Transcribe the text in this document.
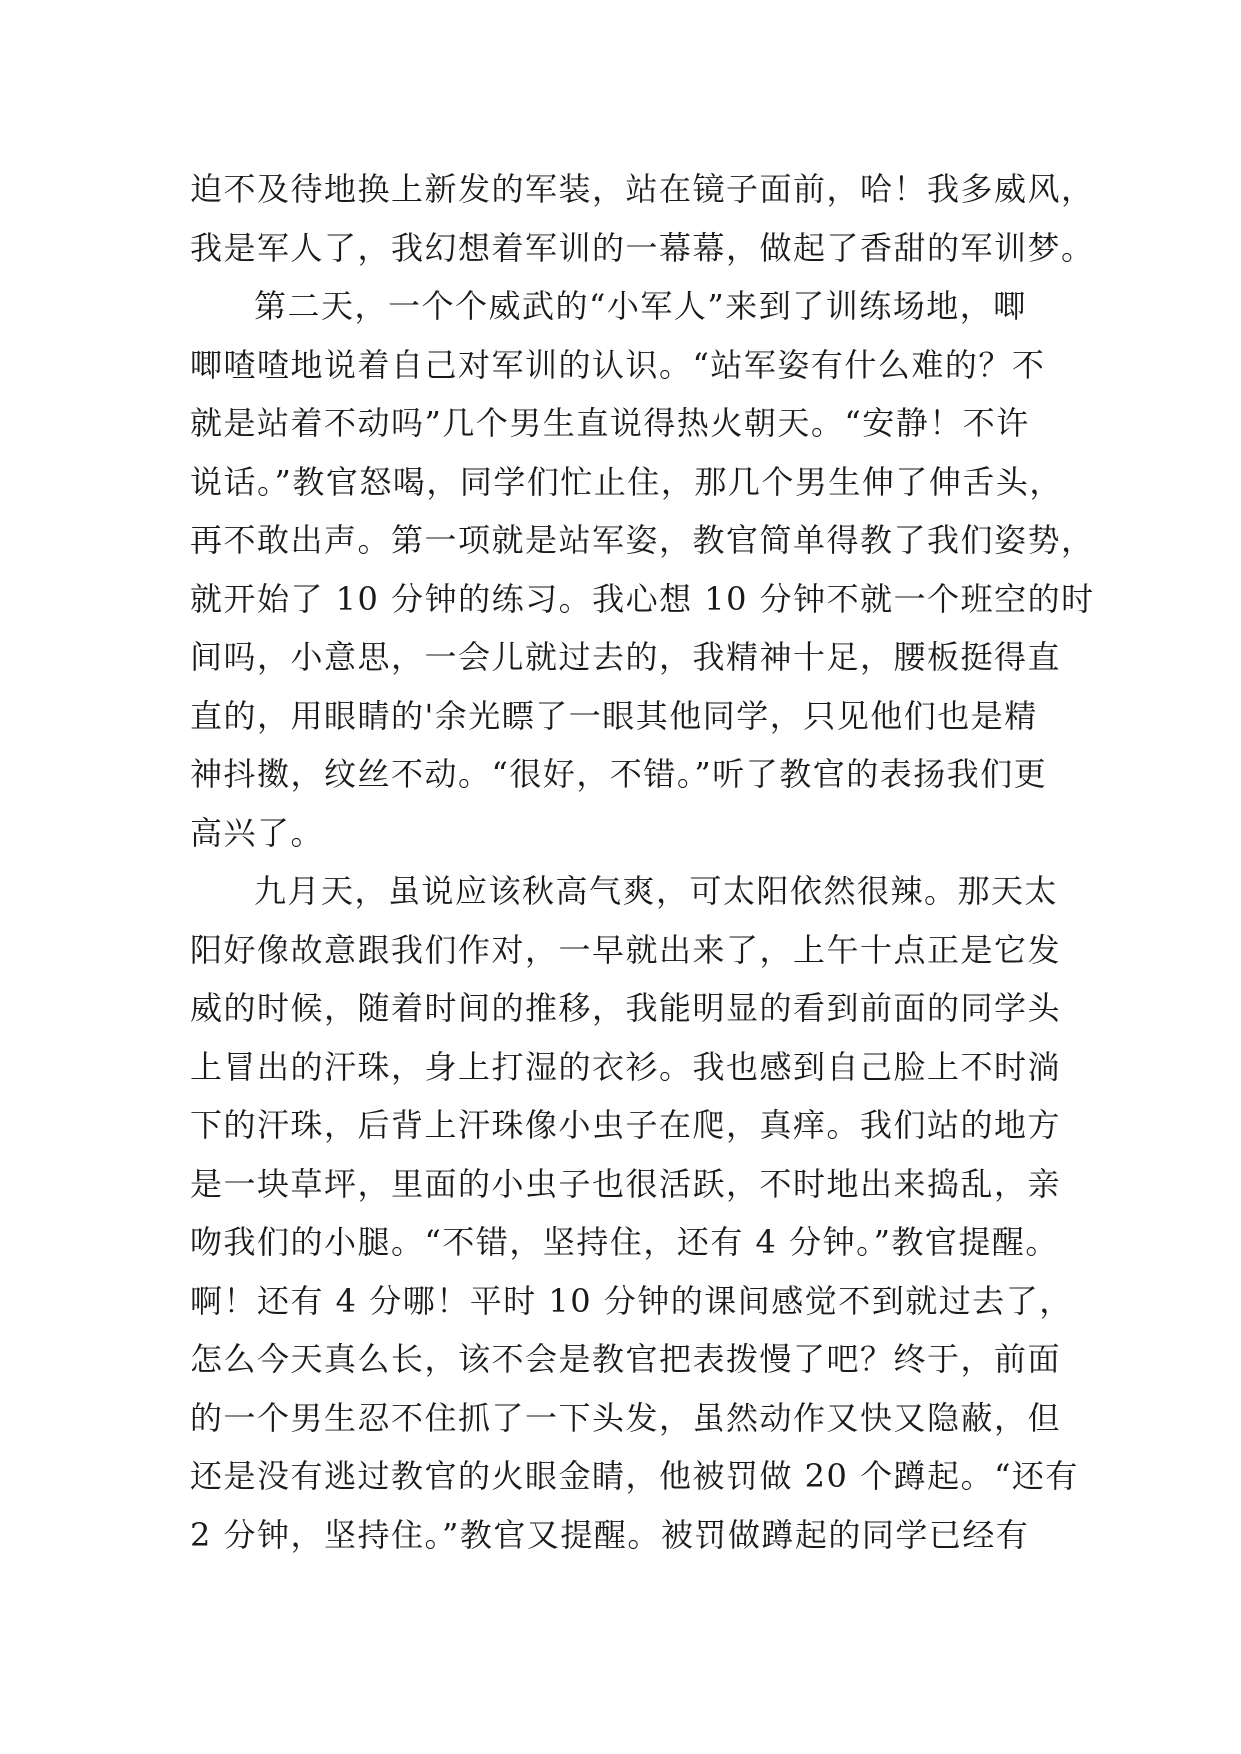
迫不及待地换上新发的军装，站在镜子面前，哈！我多威风，
我是军人了，我幻想着军训的一幕幕，做起了香甜的军训梦。
第二天，一个个威武的“小军人”来到了训练场地，唧
唧喳喳地说着自己对军训的认识。“站军姿有什么难的？不
就是站着不动吗”几个男生直说得热火朝天。“安静！不许
说话。”教官怒喝，同学们忙止住，那几个男生伸了伸舌头，
再不敢出声。第一项就是站军姿，教官简单得教了我们姿势，
就开始了 10 分钟的练习。我心想 10 分钟不就一个班空的时
间吗，小意思，一会儿就过去的，我精神十足，腰板挺得直
直的，用眼睛的'余光瞟了一眼其他同学，只见他们也是精
神抖擞，纹丝不动。“很好，不错。”听了教官的表扬我们更
高兴了。
九月天，虽说应该秋高气爽，可太阳依然很辣。那天太
阳好像故意跟我们作对，一早就出来了，上午十点正是它发
威的时候，随着时间的推移，我能明显的看到前面的同学头
上冒出的汗珠，身上打湿的衣衫。我也感到自己脸上不时淌
下的汗珠，后背上汗珠像小虫子在爬，真痒。我们站的地方
是一块草坪，里面的小虫子也很活跃，不时地出来捣乱，亲
吻我们的小腿。“不错，坚持住，还有 4 分钟。”教官提醒。
啊！还有 4 分哪！平时 10 分钟的课间感觉不到就过去了，
怎么今天真么长，该不会是教官把表拨慢了吧？终于，前面
的一个男生忍不住抓了一下头发，虽然动作又快又隐蔽，但
还是没有逃过教官的火眼金睛，他被罚做 20 个蹲起。“还有
2 分钟，坚持住。”教官又提醒。被罚做蹲起的同学已经有
